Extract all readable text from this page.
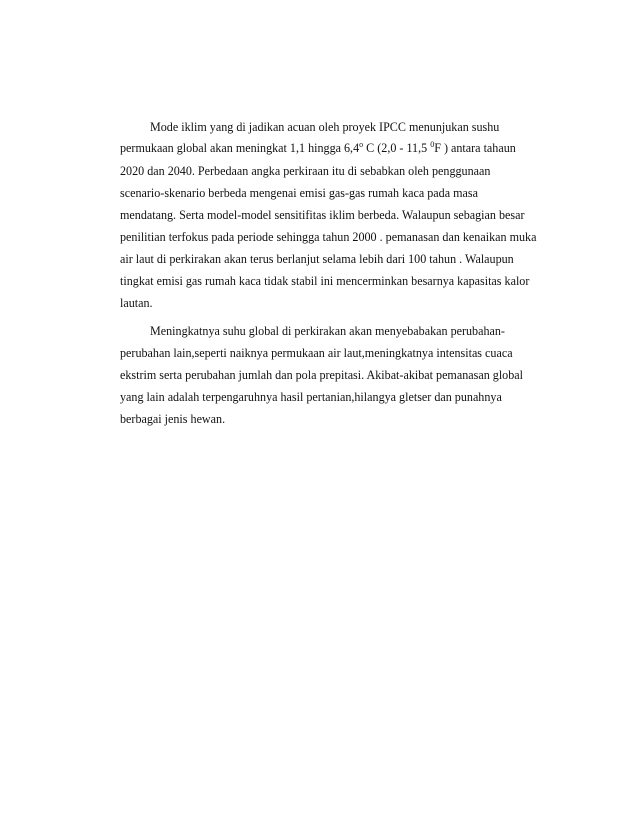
Mode iklim yang di jadikan acuan oleh proyek IPCC menunjukan sushu
permukaan global akan meningkat 1,1 hingga 6,4$^o$ C (2,0 - 11,5 $^0$F ) antara tahaun
2020 dan 2040. Perbedaan angka perkiraan itu di sebabkan oleh penggunaan
scenario-skenario berbeda mengenai emisi gas-gas rumah kaca pada masa
mendatang. Serta model-model sensitifitas iklim berbeda. Walaupun sebagian besar
penilitian terfokus pada periode sehingga tahun 2000 . pemanasan dan kenaikan muka
air laut di perkirakan akan terus berlanjut selama lebih dari 100 tahun . Walaupun
tingkat emisi gas rumah kaca tidak stabil ini mencerminkan besarnya kapasitas kalor
lautan.
Meningkatnya suhu global di perkirakan akan menyebabakan perubahan-
perubahan lain,seperti naiknya permukaan air laut,meningkatnya intensitas cuaca
ekstrim serta perubahan jumlah dan pola prepitasi. Akibat-akibat pemanasan global
yang lain adalah terpengaruhnya hasil pertanian,hilangya gletser dan punahnya
berbagai jenis hewan.
